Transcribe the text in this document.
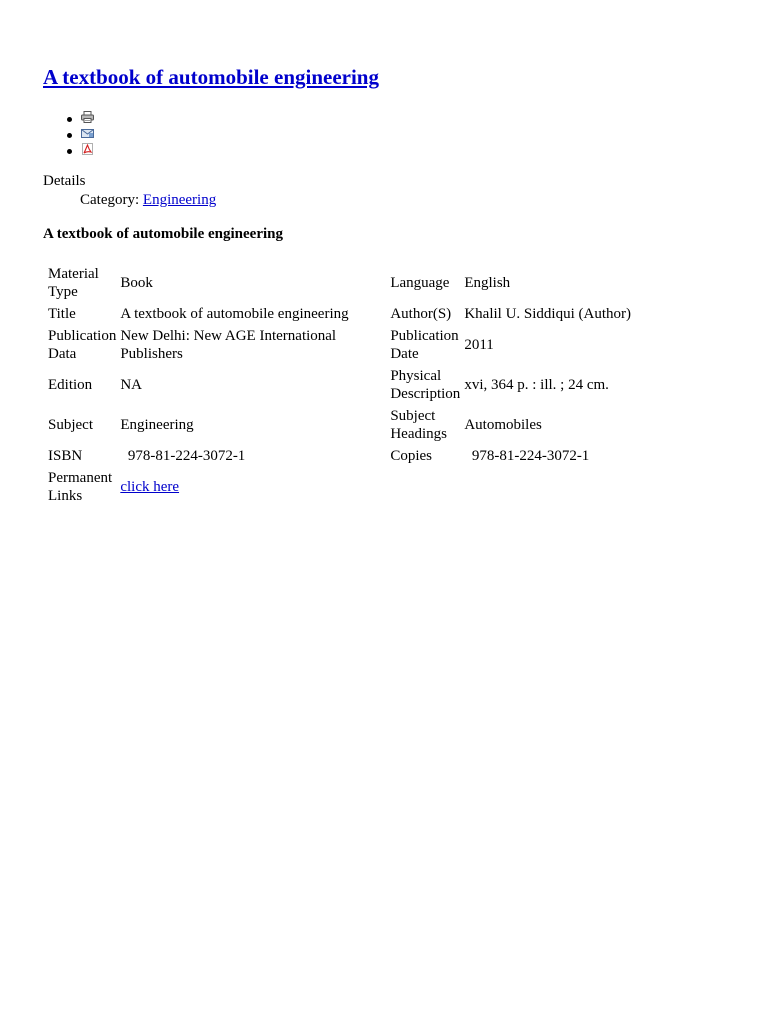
A textbook of automobile engineering
Details
Category: Engineering
A textbook of automobile engineering
Material Type	Book	Language	English
Title	A textbook of automobile engineering	Author(S)	Khalil U. Siddiqui (Author)
Publication Data	New Delhi: New AGE International Publishers	Publication Date	2011
Edition	NA	Physical Description	xvi, 364 p. : ill. ; 24 cm.
Subject	Engineering	Subject Headings	Automobiles
ISBN	978-81-224-3072-1	Copies	978-81-224-3072-1
Permanent Links	click here		
